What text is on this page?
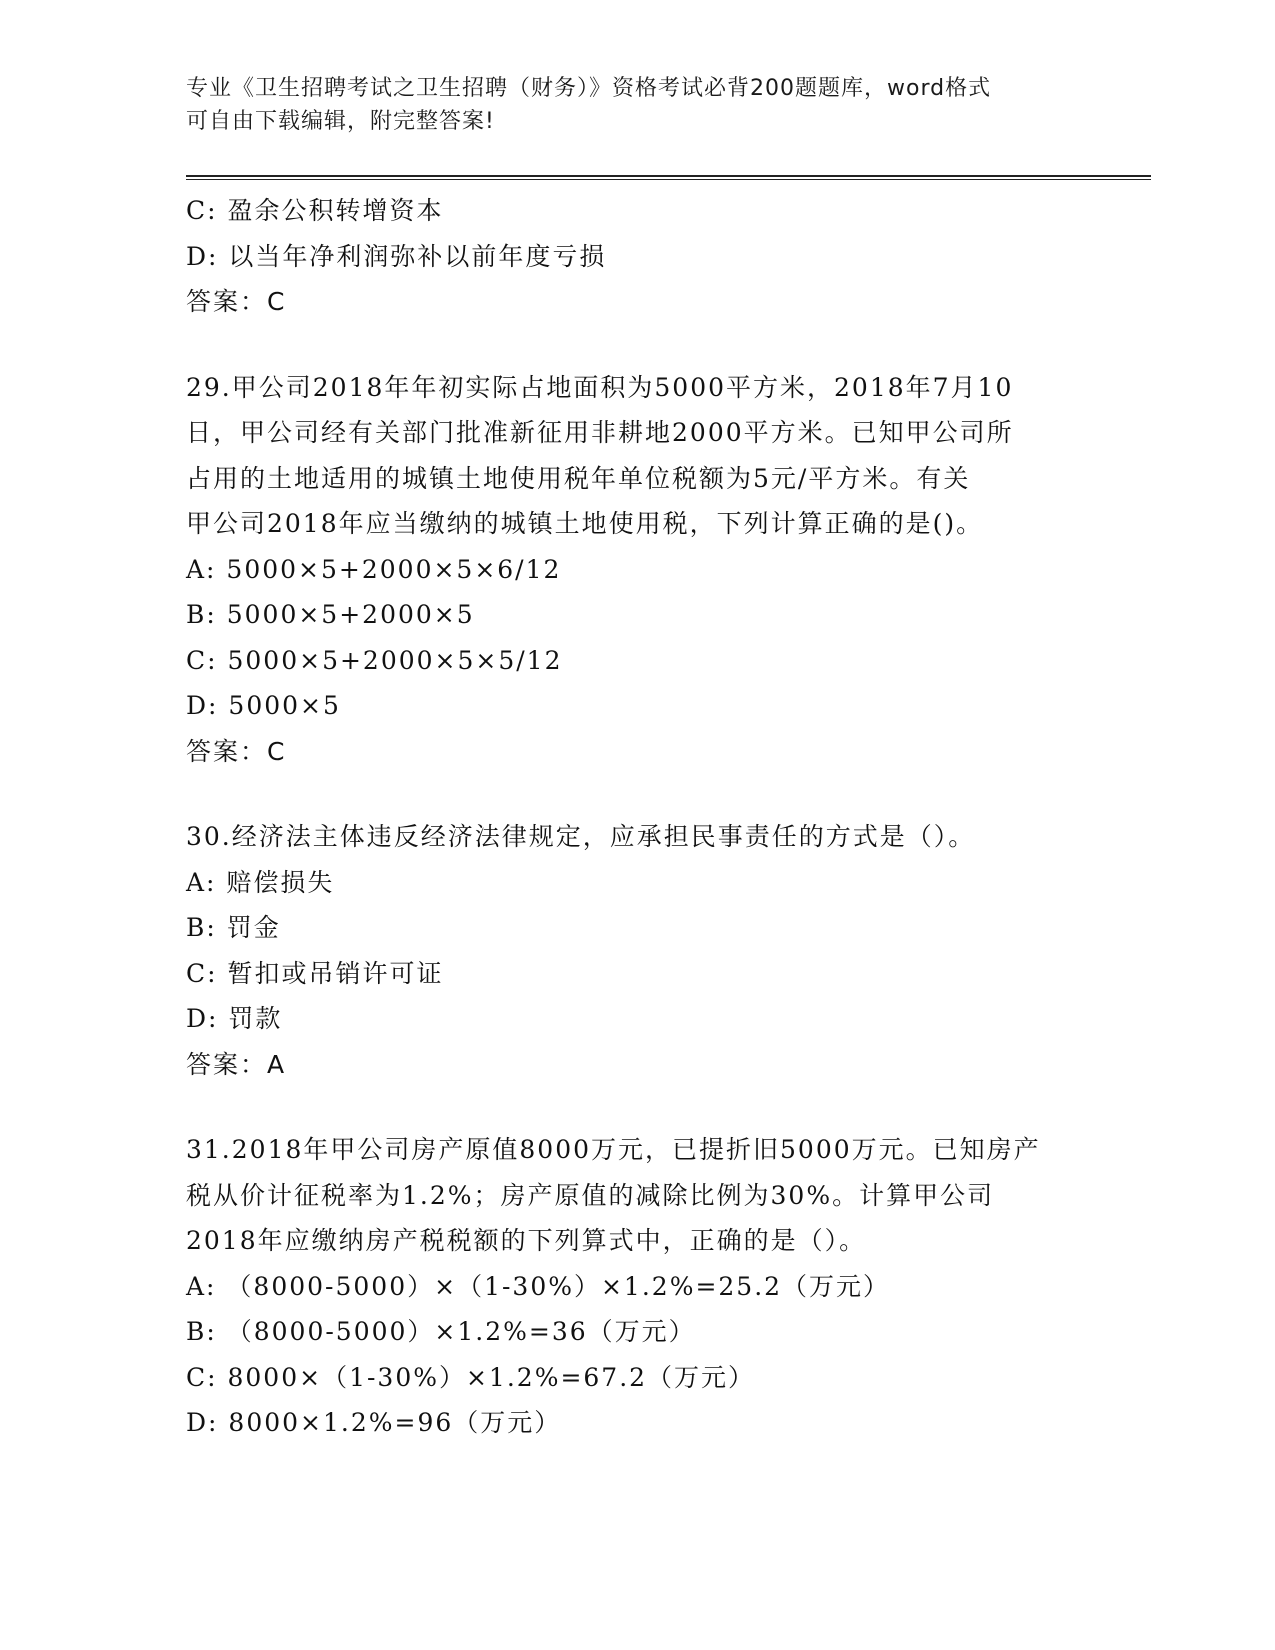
专业《卫生招聘考试之卫生招聘（财务）》资格考试必背200题题库，word格式
可自由下载编辑，附完整答案!
C: 盈余公积转增资本
D: 以当年净利润弥补以前年度亏损
答案：C
29.甲公司2018年年初实际占地面积为5000平方米，2018年7月10
日，甲公司经有关部门批准新征用非耕地2000平方米。已知甲公司所
占用的土地适用的城镇土地使用税年单位税额为5元/平方米。有关
甲公司2018年应当缴纳的城镇土地使用税，下列计算正确的是()。
A: 5000×5+2000×5×6/12
B: 5000×5+2000×5
C: 5000×5+2000×5×5/12
D: 5000×5
答案：C
30.经济法主体违反经济法律规定，应承担民事责任的方式是（）。
A: 赔偿损失
B: 罚金
C: 暂扣或吊销许可证
D: 罚款
答案：A
31.2018年甲公司房产原值8000万元，已提折旧5000万元。已知房产
税从价计征税率为1.2%；房产原值的减除比例为30%。计算甲公司
2018年应缴纳房产税税额的下列算式中，正确的是（）。
A: （8000-5000）×（1-30%）×1.2%=25.2（万元）
B: （8000-5000）×1.2%=36（万元）
C: 8000×（1-30%）×1.2%=67.2（万元）
D: 8000×1.2%=96（万元）
